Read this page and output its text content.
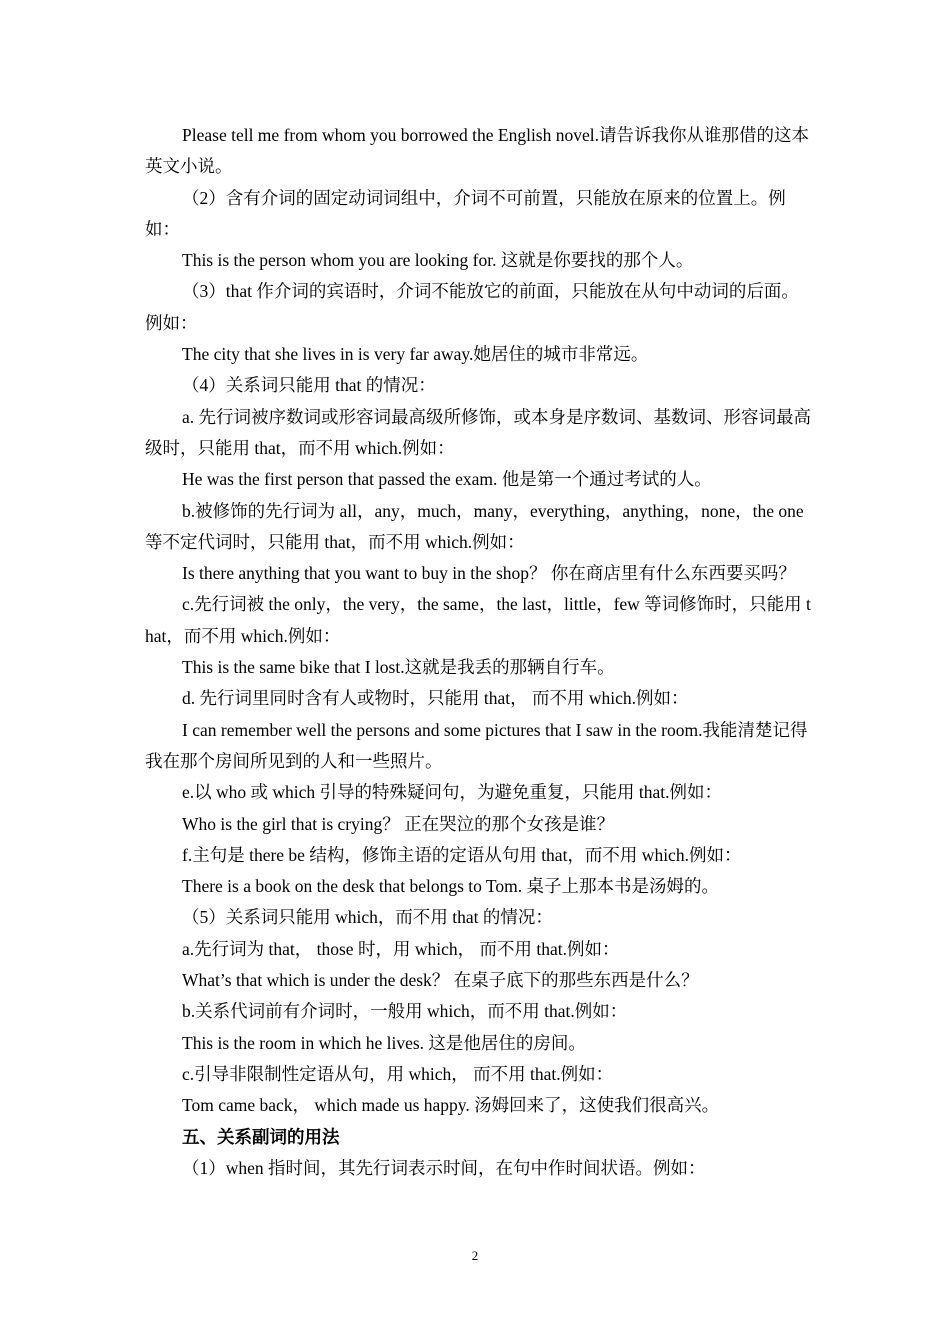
Please tell me from whom you borrowed the English novel.请告诉我你从谁那借的这本英文小说。

（2）含有介词的固定动词词组中，介词不可前置，只能放在原来的位置上。例如：

This is the person whom you are looking for. 这就是你要找的那个人。

（3）that 作介词的宾语时，介词不能放它的前面，只能放在从句中动词的后面。例如：

The city that she lives in is very far away.她居住的城市非常远。

（4）关系词只能用 that 的情况：

a. 先行词被序数词或形容词最高级所修饰，或本身是序数词、基数词、形容词最高级时，只能用 that，而不用 which.例如：

He was the first person that passed the exam. 他是第一个通过考试的人。

b.被修饰的先行词为 all，any，much，many，everything，anything，none，the one 等不定代词时，只能用 that，而不用 which.例如：

Is there anything that you want to buy in the shop？ 你在商店里有什么东西要买吗？

c.先行词被 the only，the very，the same，the last，little，few 等词修饰时，只能用 that，而不用 which.例如：

This is the same bike that I lost.这就是我丢的那辆自行车。

d. 先行词里同时含有人或物时，只能用 that， 而不用 which.例如：

I can remember well the persons and some pictures that I saw in the room.我能清楚记得我在那个房间所见到的人和一些照片。

e.以 who 或 which 引导的特殊疑问句，为避免重复，只能用 that.例如：

Who is the girl that is crying？ 正在哭泣的那个女孩是谁？

f.主句是 there be 结构，修饰主语的定语从句用 that，而不用 which.例如：

There is a book on the desk that belongs to Tom. 桌子上那本书是汤姆的。

（5）关系词只能用 which，而不用 that 的情况：

a.先行词为 that， those 时，用 which， 而不用 that.例如：

What’s that which is under the desk？ 在桌子底下的那些东西是什么？

b.关系代词前有介词时，一般用 which，而不用 that.例如：

This is the room in which he lives. 这是他居住的房间。

c.引导非限制性定语从句，用 which， 而不用 that.例如：

Tom came back， which made us happy. 汤姆回来了，这使我们很高兴。

五、关系副词的用法

（1）when 指时间，其先行词表示时间，在句中作时间状语。例如：

2
